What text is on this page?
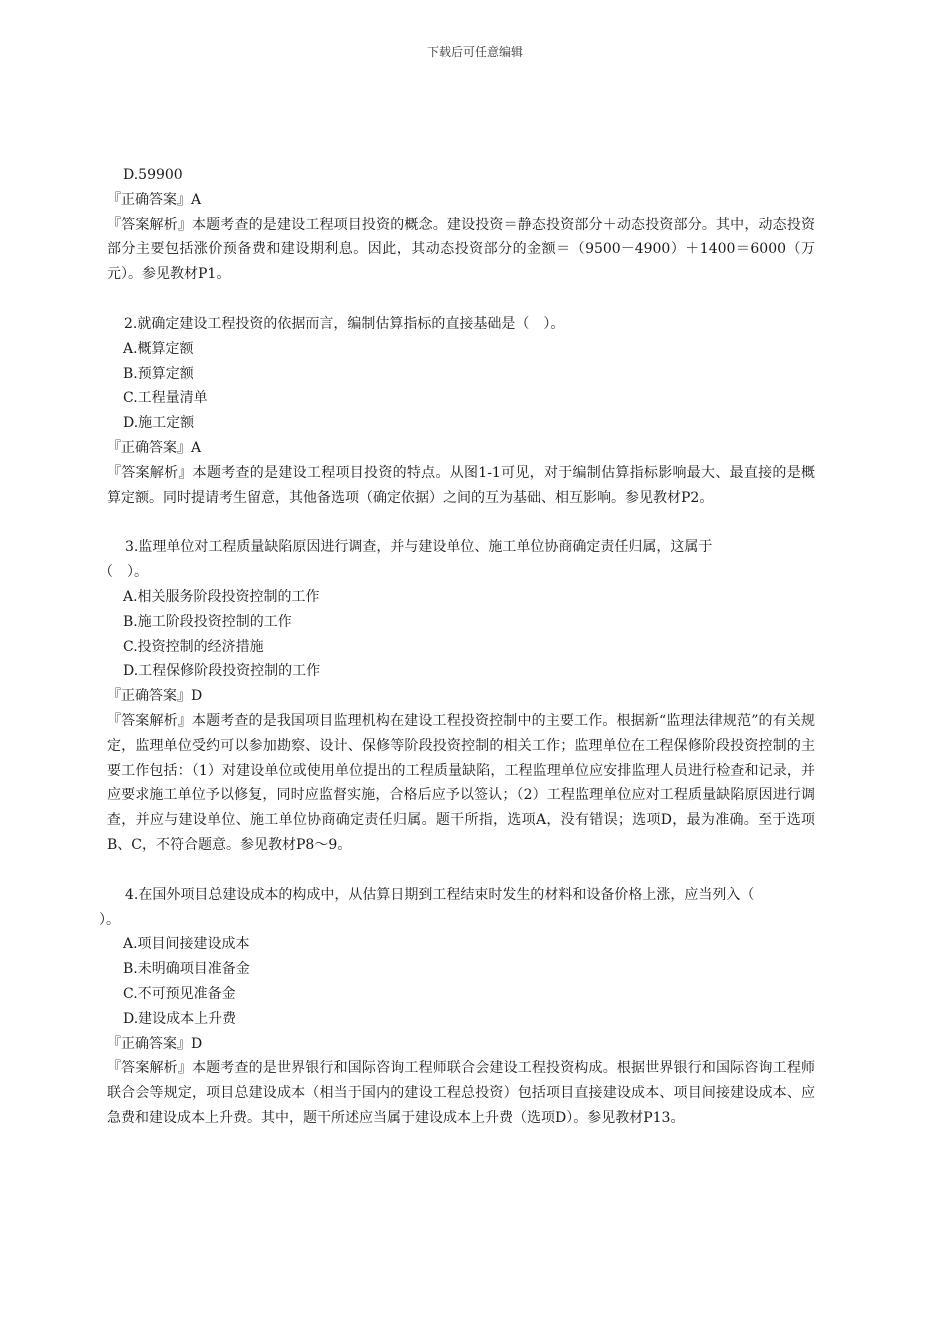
下载后可任意编辑
D.59900
『正确答案』A
『答案解析』本题考查的是建设工程项目投资的概念。建设投资＝静态投资部分＋动态投资部分。其中，动态投资部分主要包括涨价预备费和建设期利息。因此，其动态投资部分的金额＝（9500－4900）＋1400＝6000（万元）。参见教材P1。
2.就确定建设工程投资的依据而言，编制估算指标的直接基础是（　）。
A.概算定额
B.预算定额
C.工程量清单
D.施工定额
『正确答案』A
『答案解析』本题考查的是建设工程项目投资的特点。从图1-1可见，对于编制估算指标影响最大、最直接的是概算定额。同时提请考生留意，其他备选项（确定依据）之间的互为基础、相互影响。参见教材P2。
3.监理单位对工程质量缺陷原因进行调查，并与建设单位、施工单位协商确定责任归属，这属于
（　）。
A.相关服务阶段投资控制的工作
B.施工阶段投资控制的工作
C.投资控制的经济措施
D.工程保修阶段投资控制的工作
『正确答案』D
『答案解析』本题考查的是我国项目监理机构在建设工程投资控制中的主要工作。根据新“监理法律规范”的有关规定，监理单位受约可以参加勘察、设计、保修等阶段投资控制的相关工作；监理单位在工程保修阶段投资控制的主要工作包括：（1）对建设单位或使用单位提出的工程质量缺陷，工程监理单位应安排监理人员进行检查和记录，并应要求施工单位予以修复，同时应监督实施，合格后应予以签认；（2）工程监理单位应对工程质量缺陷原因进行调查，并应与建设单位、施工单位协商确定责任归属。题干所指，选项A，没有错误；选项D，最为准确。至于选项B、C，不符合题意。参见教材P8～9。
4.在国外项目总建设成本的构成中，从估算日期到工程结束时发生的材料和设备价格上涨，应当列入（
）。
A.项目间接建设成本
B.未明确项目准备金
C.不可预见准备金
D.建设成本上升费
『正确答案』D
『答案解析』本题考查的是世界银行和国际咨询工程师联合会建设工程投资构成。根据世界银行和国际咨询工程师联合会等规定，项目总建设成本（相当于国内的建设工程总投资）包括项目直接建设成本、项目间接建设成本、应急费和建设成本上升费。其中，题干所述应当属于建设成本上升费（选项D）。参见教材P13。
